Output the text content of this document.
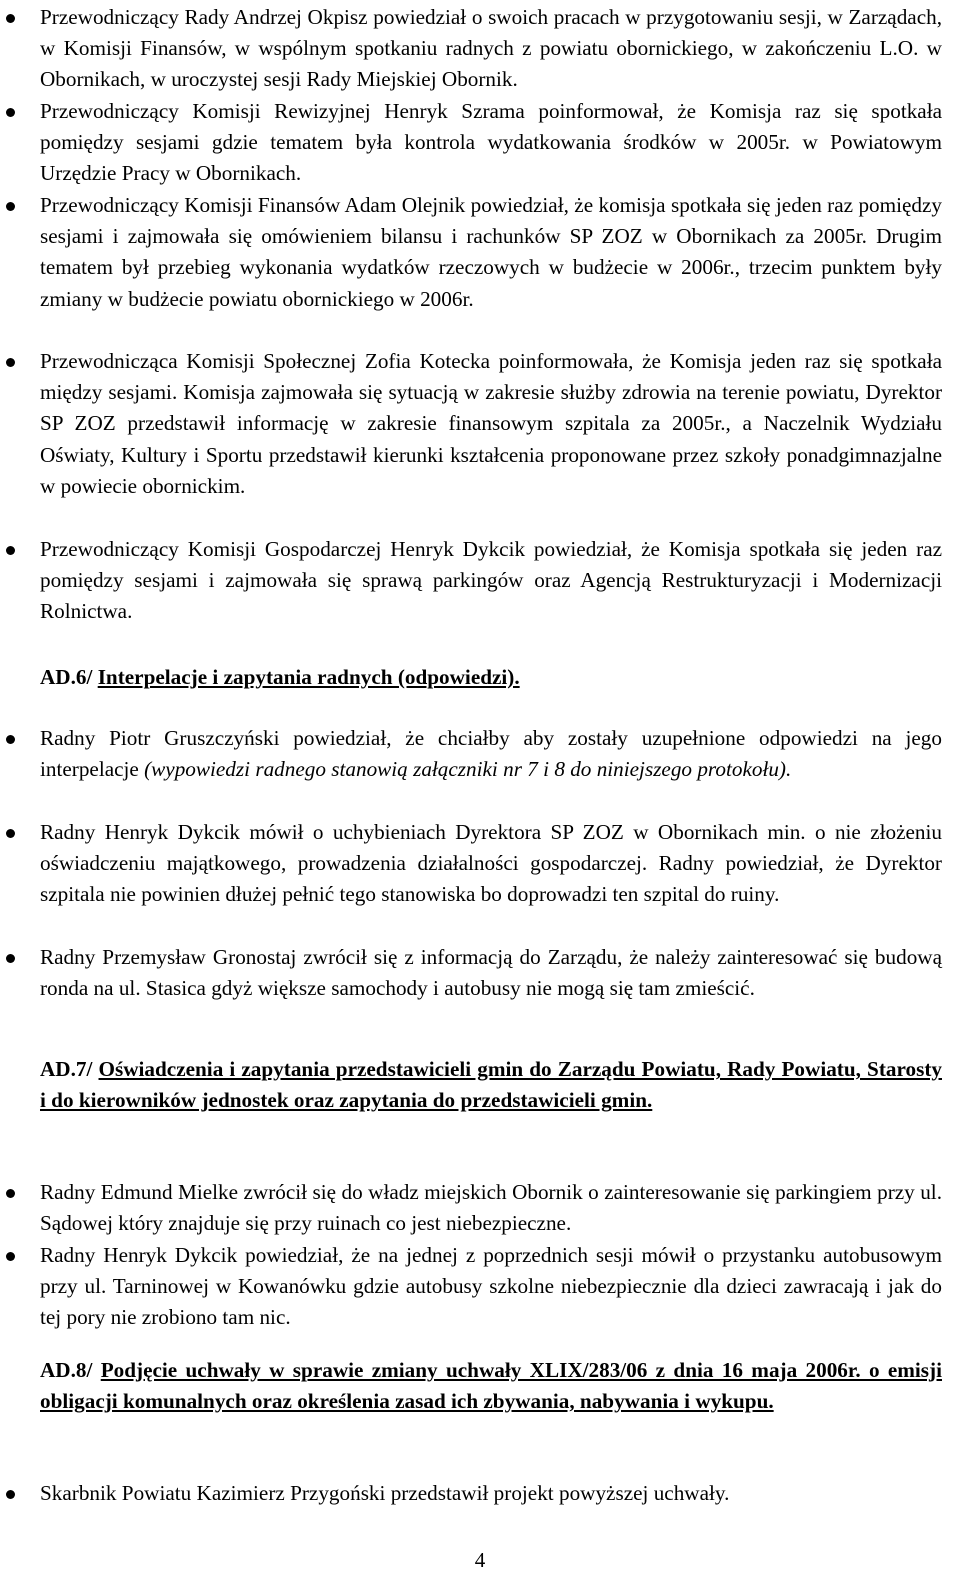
Przewodniczący Rady Andrzej Okpisz powiedział o swoich pracach w przygotowaniu sesji, w Zarządach, w Komisji Finansów, w wspólnym spotkaniu radnych z powiatu obornickiego, w zakończeniu L.O. w Obornikach, w uroczystej sesji Rady Miejskiej Obornik.
Przewodniczący Komisji Rewizyjnej Henryk Szrama poinformował, że Komisja raz się spotkała pomiędzy sesjami gdzie tematem była kontrola wydatkowania środków w 2005r. w Powiatowym Urzędzie Pracy w Obornikach.
Przewodniczący Komisji Finansów Adam Olejnik powiedział, że komisja spotkała się jeden raz pomiędzy sesjami i zajmowała się omówieniem bilansu i rachunków SP ZOZ w Obornikach za 2005r. Drugim tematem był przebieg wykonania wydatków rzeczowych w budżecie w 2006r., trzecim punktem były zmiany w budżecie powiatu obornickiego w 2006r.
Przewodnicząca Komisji Społecznej Zofia Kotecka poinformowała, że Komisja jeden raz się spotkała między sesjami. Komisja zajmowała się sytuacją w zakresie służby zdrowia na terenie powiatu, Dyrektor SP ZOZ przedstawił informację w zakresie finansowym szpitala za 2005r., a Naczelnik Wydziału Oświaty, Kultury i Sportu przedstawił kierunki kształcenia proponowane przez szkoły ponadgimnazjalne w powiecie obornickim.
Przewodniczący Komisji Gospodarczej Henryk Dykcik powiedział, że Komisja spotkała się jeden raz pomiędzy sesjami i zajmowała się sprawą parkingów oraz Agencją Restrukturyzacji i Modernizacji Rolnictwa.
AD.6/ Interpelacje i zapytania radnych (odpowiedzi).
Radny Piotr Gruszczyński powiedział, że chciałby aby zostały uzupełnione odpowiedzi na jego interpelacje (wypowiedzi radnego stanowią załączniki nr 7 i 8 do niniejszego protokołu).
Radny Henryk Dykcik mówił o uchybieniach Dyrektora SP ZOZ w Obornikach min. o nie złożeniu oświadczeniu majątkowego, prowadzenia działalności gospodarczej. Radny powiedział, że Dyrektor szpitala nie powinien dłużej pełnić tego stanowiska bo doprowadzi ten szpital do ruiny.
Radny Przemysław Gronostaj zwrócił się z informacją do Zarządu, że należy zainteresować się budową ronda na ul. Stasica gdyż większe samochody i autobusy nie mogą się tam zmieścić.
AD.7/ Oświadczenia i zapytania przedstawicieli gmin do Zarządu Powiatu, Rady Powiatu, Starosty i do kierowników jednostek oraz zapytania do przedstawicieli gmin.
Radny Edmund Mielke zwrócił się do władz miejskich Obornik o zainteresowanie się parkingiem przy ul. Sądowej który znajduje się przy ruinach co jest niebezpieczne.
Radny Henryk Dykcik powiedział, że na jednej z poprzednich sesji mówił o przystanku autobusowym przy ul. Tarninowej w Kowanówku gdzie autobusy szkolne niebezpiecznie dla dzieci zawracają i jak do tej pory nie zrobiono tam nic.
AD.8/ Podjęcie uchwały w sprawie zmiany uchwały XLIX/283/06 z dnia 16 maja 2006r. o emisji obligacji komunalnych oraz określenia zasad ich zbywania, nabywania i wykupu.
Skarbnik Powiatu Kazimierz Przygoński przedstawił projekt powyższej uchwały.
4
